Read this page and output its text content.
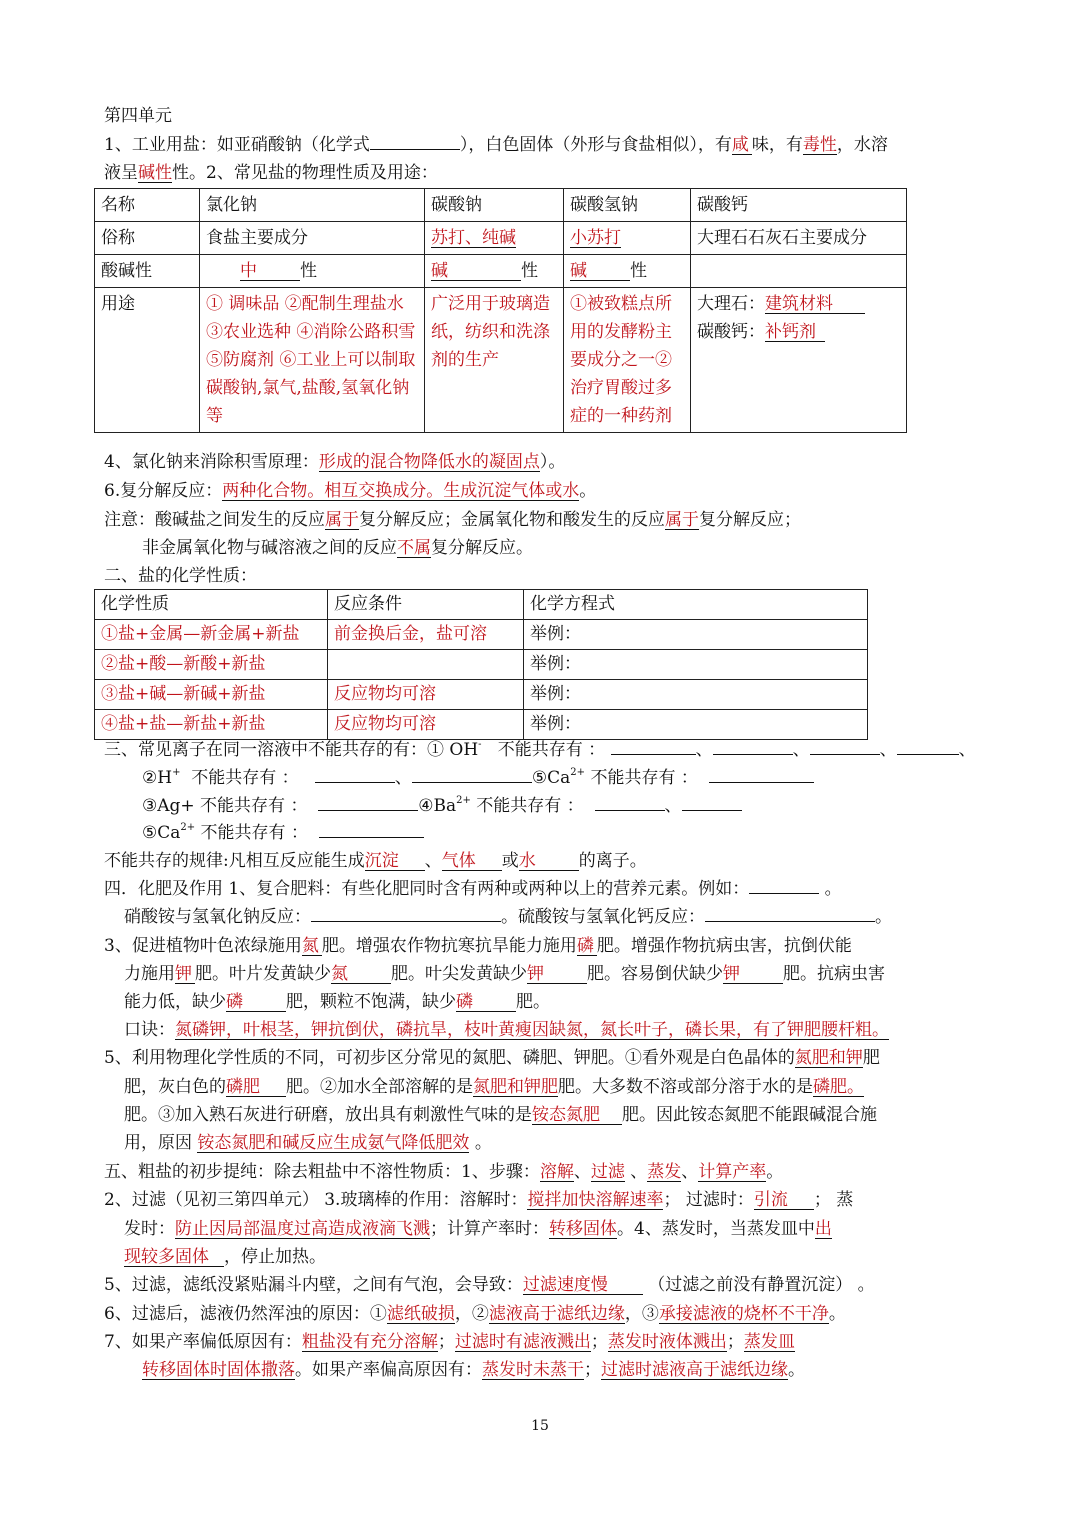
第四单元
1、工业用盐：如亚硝酸钠（化学式	），白色固体（外形与食盐相似），有咸 味，有毒性，水溶
液呈碱性性。2、常见盐的物理性质及用途：
名称	氯化钠	碳酸钠	碳酸氢钠	碳酸钙
俗称	食盐主要成分	苏打、纯碱	小苏打	大理石石灰石主要成分
酸碱性	中 性	碱 性	碱 性	
用途	① 调味品 ②配制生理盐水 ③农业选种 ④消除公路积雪 ⑤防腐剂 ⑥工业上可以制取碳酸钠,氯气,盐酸,氢氧化钠等	广泛用于玻璃造纸，纺织和洗涤剂的生产	①被致糕点所用的发酵粉主要成分之一②治疗胃酸过多症的一种药剂	大理石：建筑材料
碳酸钙：补钙剂
4、氯化钠来消除积雪原理：形成的混合物降低水的凝固点）。
6.复分解反应：两种化合物。相互交换成分。生成沉淀气体或水。
注意：酸碱盐之间发生的反应属于复分解反应；金属氧化物和酸发生的反应属于复分解反应；
非金属氧化物与碱溶液之间的反应不属复分解反应。
二、盐的化学性质：
化学性质	反应条件	化学方程式
①盐+金属—新金属+新盐	前金换后金，盐可溶	举例：
②盐+酸—新酸+新盐		举例：
③盐+碱—新碱+新盐	反应物均可溶	举例：
④盐+盐—新盐+新盐	反应物均可溶	举例：
三、常见离子在同一溶液中不能共存的有：① OH- 不能共存有 ：	、	、	、	、
②H+ 不能共存有 ：	、	$⑤Ca^{2+}$ 不能共存有 ：
③Ag+ 不能共存有 ：	$④Ba^{2+}$ 不能共存有 ：	、
$⑤Ca^{2+}$ 不能共存有 ：
不能共存的规律:凡相互反应能生成沉淀 、气体 或水	的离子。
四．化肥及作用 1、复合肥料：有些化肥同时含有两种或两种以上的营养元素。例如：	。
硝酸铵与氢氧化钠反应：	。硫酸铵与氢氧化钙反应：	。
3、促进植物叶色浓绿施用氮 肥。增强农作物抗寒抗旱能力施用磷 肥。增强作物抗病虫害，抗倒伏能
力施用钾 肥。叶片发黄缺少氮	肥。叶尖发黄缺少钾	肥。容易倒伏缺少钾	肥。抗病虫害
能力低，缺少磷	肥，颗粒不饱满，缺少磷	肥。
口诀：氮磷钾，叶根茎，钾抗倒伏，磷抗旱，枝叶黄瘦因缺氮，氮长叶子，磷长果，有了钾肥腰杆粗。
5、利用物理化学性质的不同，可初步区分常见的氮肥、磷肥、钾肥。①看外观是白色晶体的氮肥和钾肥
肥，灰白色的磷肥 肥。②加水全部溶解的是氮肥和钾肥肥。大多数不溶或部分溶于水的是磷肥。
肥。③加入熟石灰进行研磨，放出具有刺激性气味的是铵态氮肥 肥。因此铵态氮肥不能跟碱混合施
用，原因 铵态氮肥和碱反应生成氨气降低肥效 。
五、粗盐的初步提纯：除去粗盐中不溶性物质：1、步骤：溶解、过滤 、蒸发、计算产率。
2、过滤（见初三第四单元） 3.玻璃棒的作用：溶解时：搅拌加快溶解速率； 过滤时：引流 ； 蒸
发时：防止因局部温度过高造成液滴飞溅；计算产率时：转移固体。4、蒸发时，当蒸发皿中出
现较多固体 ，停止加热。
5、过滤，滤纸没紧贴漏斗内壁，之间有气泡，会导致：过滤速度慢 （过滤之前没有静置沉淀） 。
6、过滤后，滤液仍然浑浊的原因：①滤纸破损，②滤液高于滤纸边缘，③承接滤液的烧杯不干净。
7、如果产率偏低原因有：粗盐没有充分溶解；过滤时有滤液溅出；蒸发时液体溅出；蒸发皿
转移固体时固体撒落。如果产率偏高原因有：蒸发时未蒸干；过滤时滤液高于滤纸边缘。
15
